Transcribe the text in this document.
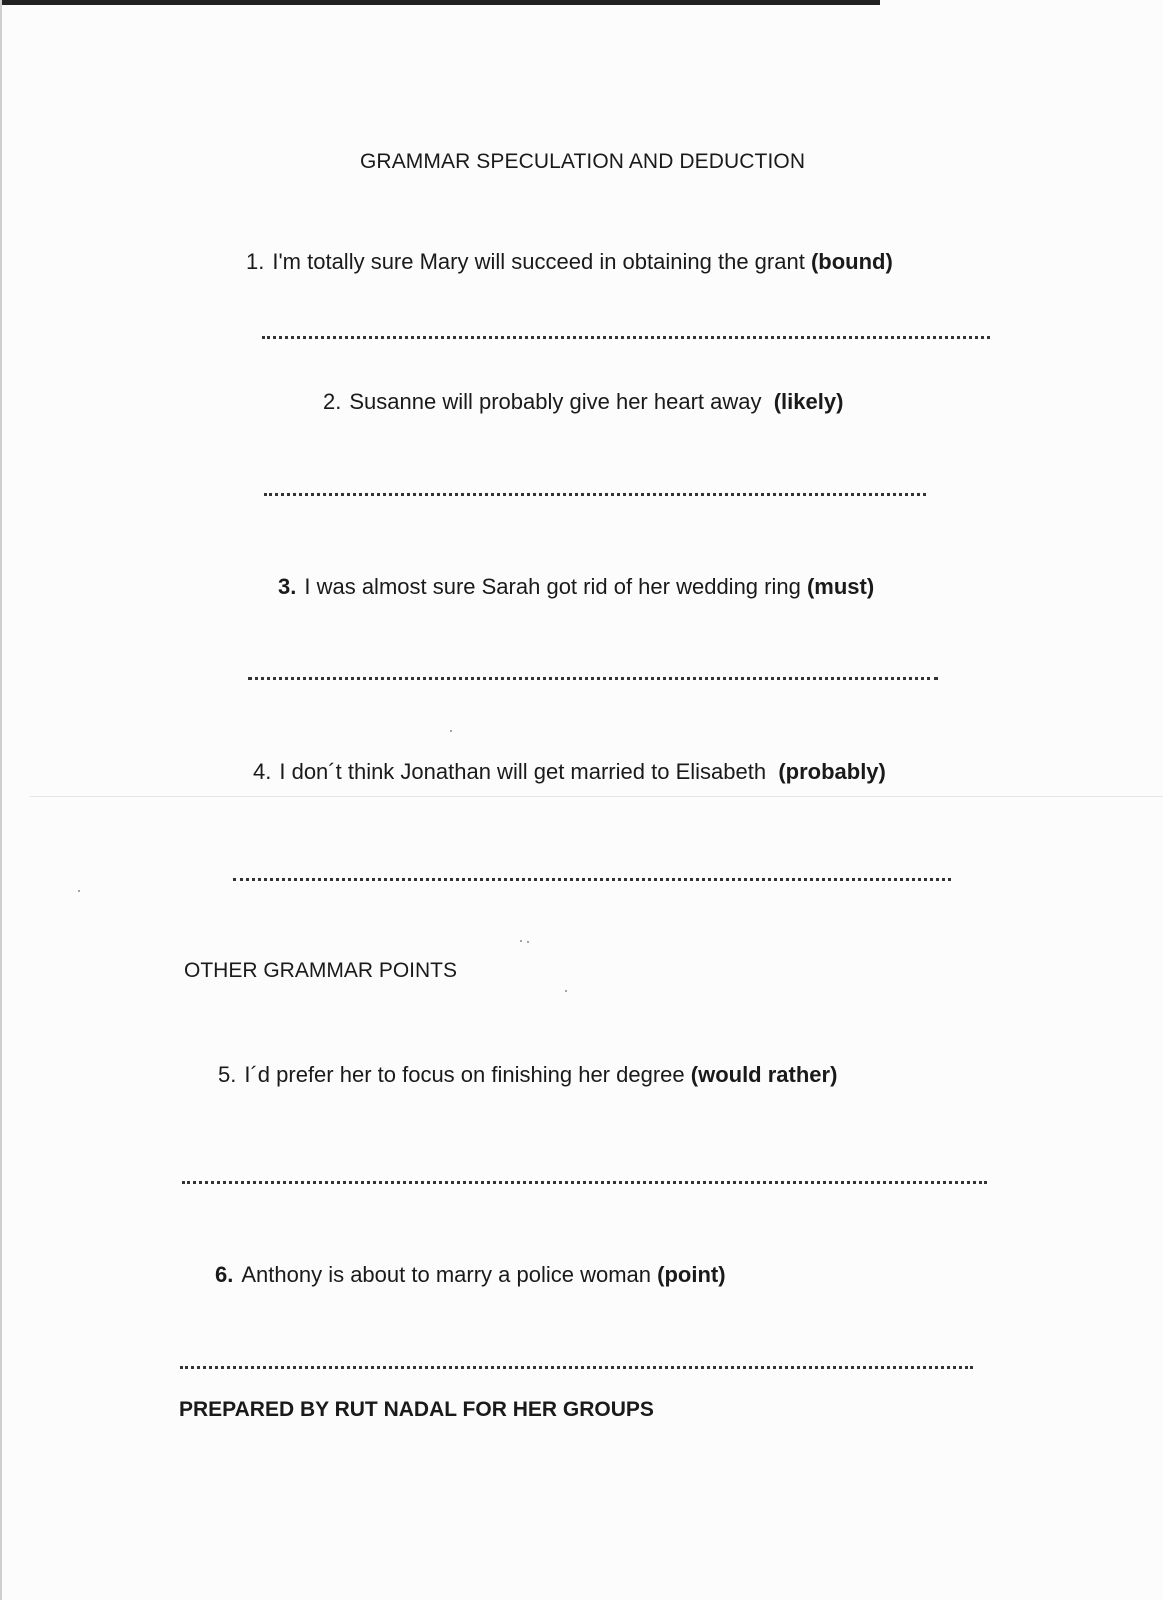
GRAMMAR SPECULATION AND DEDUCTION
1. I'm totally sure Mary will succeed in obtaining the grant (bound)
2. Susanne will probably give her heart away (likely)
3. I was almost sure Sarah got rid of her wedding ring (must)
4. I don´t think Jonathan will get married to Elisabeth (probably)
OTHER GRAMMAR POINTS
5. I´d prefer her to focus on finishing her degree (would rather)
6. Anthony is about to marry a police woman (point)
PREPARED BY RUT NADAL FOR HER GROUPS
